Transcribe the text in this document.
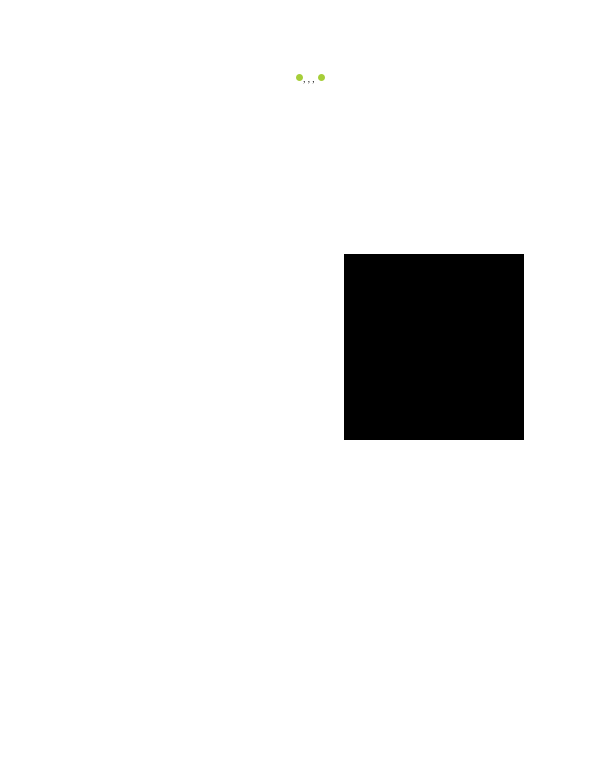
, , ,
